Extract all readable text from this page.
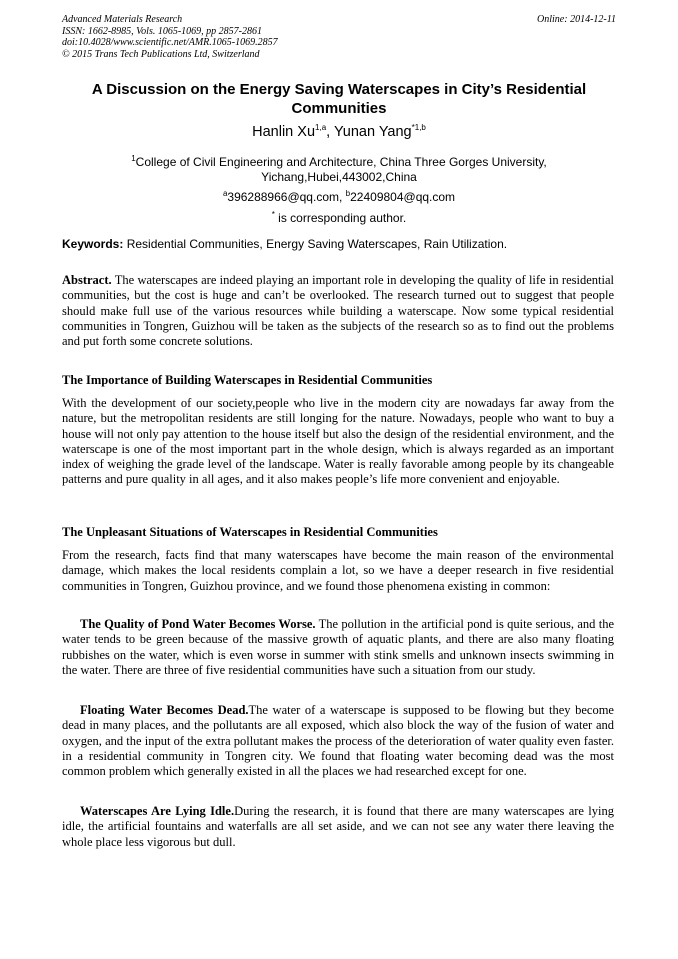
Advanced Materials Research
ISSN: 1662-8985, Vols. 1065-1069, pp 2857-2861
doi:10.4028/www.scientific.net/AMR.1065-1069.2857
© 2015 Trans Tech Publications Ltd, Switzerland
Online: 2014-12-11
A Discussion on the Energy Saving Waterscapes in City’s Residential Communities
Hanlin Xu$^{1,a}$, Yunan Yang$^{*1,b}$
$^1$College of Civil Engineering and Architecture, China Three Gorges University,
Yichang,Hubei,443002,China
$^a$396288966@qq.com, $^b$22409804@qq.com
* is corresponding author.
Keywords: Residential Communities, Energy Saving Waterscapes, Rain Utilization.
Abstract. The waterscapes are indeed playing an important role in developing the quality of life in residential communities, but the cost is huge and can’t be overlooked. The research turned out to suggest that people should make full use of the various resources while building a waterscape. Now some typical residential communities in Tongren, Guizhou will be taken as the subjects of the research so as to find out the problems and put forth some concrete solutions.
The Importance of Building Waterscapes in Residential Communities
With the development of our society,people who live in the modern city are nowadays far away from the nature, but the metropolitan residents are still longing for the nature. Nowadays, people who want to buy a house will not only pay attention to the house itself but also the design of the residential environment, and the waterscape is one of the most important part in the whole design, which is always regarded as an important index of weighing the grade level of the landscape. Water is really favorable among people by its changeable patterns and pure quality in all ages, and it also makes people’s life more convenient and enjoyable.
The Unpleasant Situations of Waterscapes in Residential Communities
From the research, facts find that many waterscapes have become the main reason of the environmental damage, which makes the local residents complain a lot, so we have a deeper research in five residential communities in Tongren, Guizhou province, and we found those phenomena existing in common:
The Quality of Pond Water Becomes Worse. The pollution in the artificial pond is quite serious, and the water tends to be green because of the massive growth of aquatic plants, and there are also many floating rubbishes on the water, which is even worse in summer with stink smells and unknown insects swimming in the water. There are three of five residential communities have such a situation from our study.
Floating Water Becomes Dead.The water of a waterscape is supposed to be flowing but they become dead in many places, and the pollutants are all exposed, which also block the way of the fusion of water and oxygen, and the input of the extra pollutant makes the process of the deterioration of water quality even faster. in a residential community in Tongren city. We found that floating water becoming dead was the most common problem which generally existed in all the places we had researched except for one.
Waterscapes Are Lying Idle.During the research, it is found that there are many waterscapes are lying idle, the artificial fountains and waterfalls are all set aside, and we can not see any water there leaving the whole place less vigorous but dull.
